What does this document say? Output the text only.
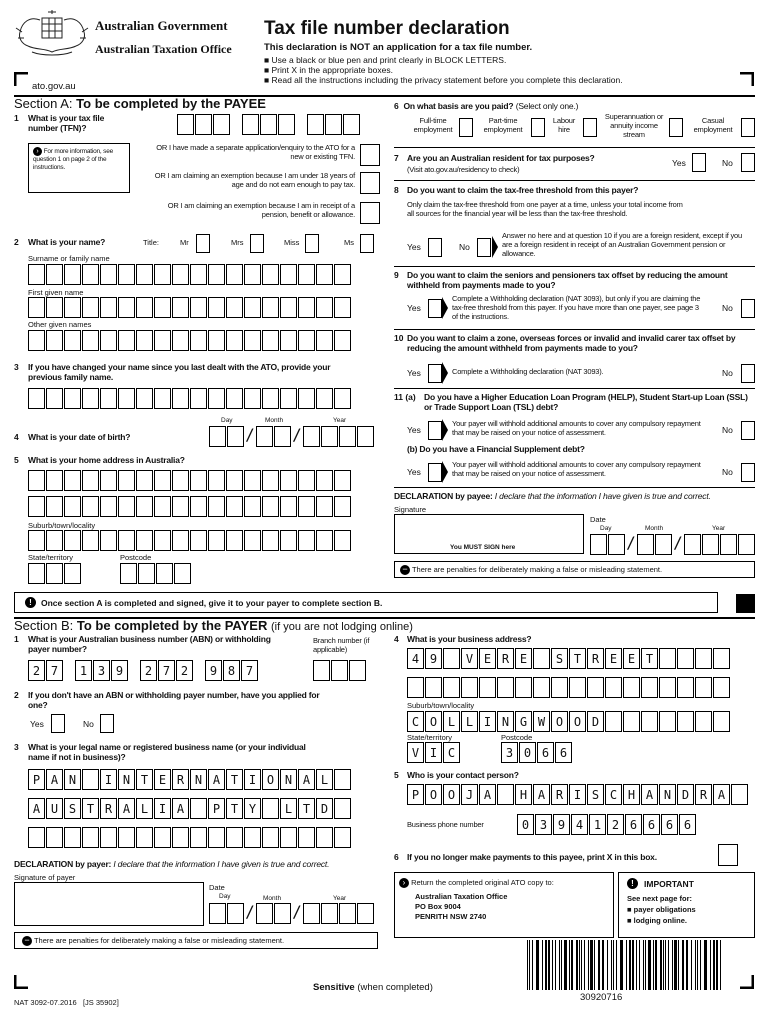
Australian Government
Australian Taxation Office
ato.gov.au
Tax file number declaration
This declaration is NOT an application for a tax file number.
■ Use a black or blue pen and print clearly in BLOCK LETTERS.
■ Print X in the appropriate boxes.
■ Read all the instructions including the privacy statement before you complete this declaration.
Section A: To be completed by the PAYEE
1 What is your tax file number (TFN)?
› For more information, see question 1 on page 2 of the instructions.
OR I have made a separate application/enquiry to the ATO for a new or existing TFN.
OR I am claiming an exemption because I am under 18 years of age and do not earn enough to pay tax.
OR I am claiming an exemption because I am in receipt of a pension, benefit or allowance.
2 What is your name?	Title:	Mr	Mrs	Miss	Ms
Surname or family name
First given name
Other given names
3 If you have changed your name since you last dealt with the ATO, provide your previous family name.
Day	Month	Year
4 What is your date of birth?	/ /
5 What is your home address in Australia?
Suburb/town/locality
State/territory	Postcode
6 On what basis are you paid? (Select only one.)
Full-time employment
Part-time employment
Labour hire
Superannuation or annuity income stream
Casual employment
7 Are you an Australian resident for tax purposes?
(Visit ato.gov.au/residency to check)
Yes	No
8 Do you want to claim the tax-free threshold from this payer?
Only claim the tax-free threshold from one payer at a time, unless your total income from all sources for the financial year will be less than the tax-free threshold.
Yes	No
Answer no here and at question 10 if you are a foreign resident, except if you are a foreign resident in receipt of an Australian Government pension or allowance.
9 Do you want to claim the seniors and pensioners tax offset by reducing the amount withheld from payments made to you?
Yes
Complete a Withholding declaration (NAT 3093), but only if you are claiming the tax-free threshold from this payer. If you have more than one payer, see page 3 of the instructions.
No
10 Do you want to claim a zone, overseas forces or invalid and invalid carer tax offset by reducing the amount withheld from payments made to you?
Yes	Complete a Withholding declaration (NAT 3093).	No
11 (a) Do you have a Higher Education Loan Program (HELP), Student Start-up Loan (SSL) or Trade Support Loan (TSL) debt?
Yes
Your payer will withhold additional amounts to cover any compulsory repayment that may be raised on your notice of assessment.	No
(b) Do you have a Financial Supplement debt?
Yes
Your payer will withhold additional amounts to cover any compulsory repayment that may be raised on your notice of assessment.	No
DECLARATION by payee: I declare that the information I have given is true and correct.
Signature
You MUST SIGN here
Date
Day	Month	Year
/ /
− There are penalties for deliberately making a false or misleading statement.
!	Once section A is completed and signed, give it to your payer to complete section B.
Section B: To be completed by the PAYER (if you are not lodging online)
1 What is your Australian business number (ABN) or withholding payer number?
Branch number (if applicable)
2 7	1 3 9	2 7 2	9 8 7
2 If you don't have an ABN or withholding payer number, have you applied for one?
Yes	No
3 What is your legal name or registered business name (or your individual name if not in business)?
P A N	I N T E R N A T I O N A L
A U S T R A L I A	P T Y	L T D
DECLARATION by payer: I declare that the information I have given is true and correct.
Signature of payer
Date
Day	Month	Year
/ /
− There are penalties for deliberately making a false or misleading statement.
4 What is your business address?
4 9	V E R E	S T R E E T
Suburb/town/locality
C O L L I N G W O O D
State/territory	Postcode
V I C	3 0 6 6
5 Who is your contact person?
P O O J A	H A R I S C H A N D R A
Business phone number	0 3 9 4 1 2 6 6 6 6
6 If you no longer make payments to this payee, print X in this box.
› Return the completed original ATO copy to:
Australian Taxation Office
PO Box 9004
PENRITH NSW 2740
!	IMPORTANT
See next page for:
■ payer obligations
■ lodging online.
Sensitive (when completed)
NAT 3092-07.2016 [JS 35902]	30920716
